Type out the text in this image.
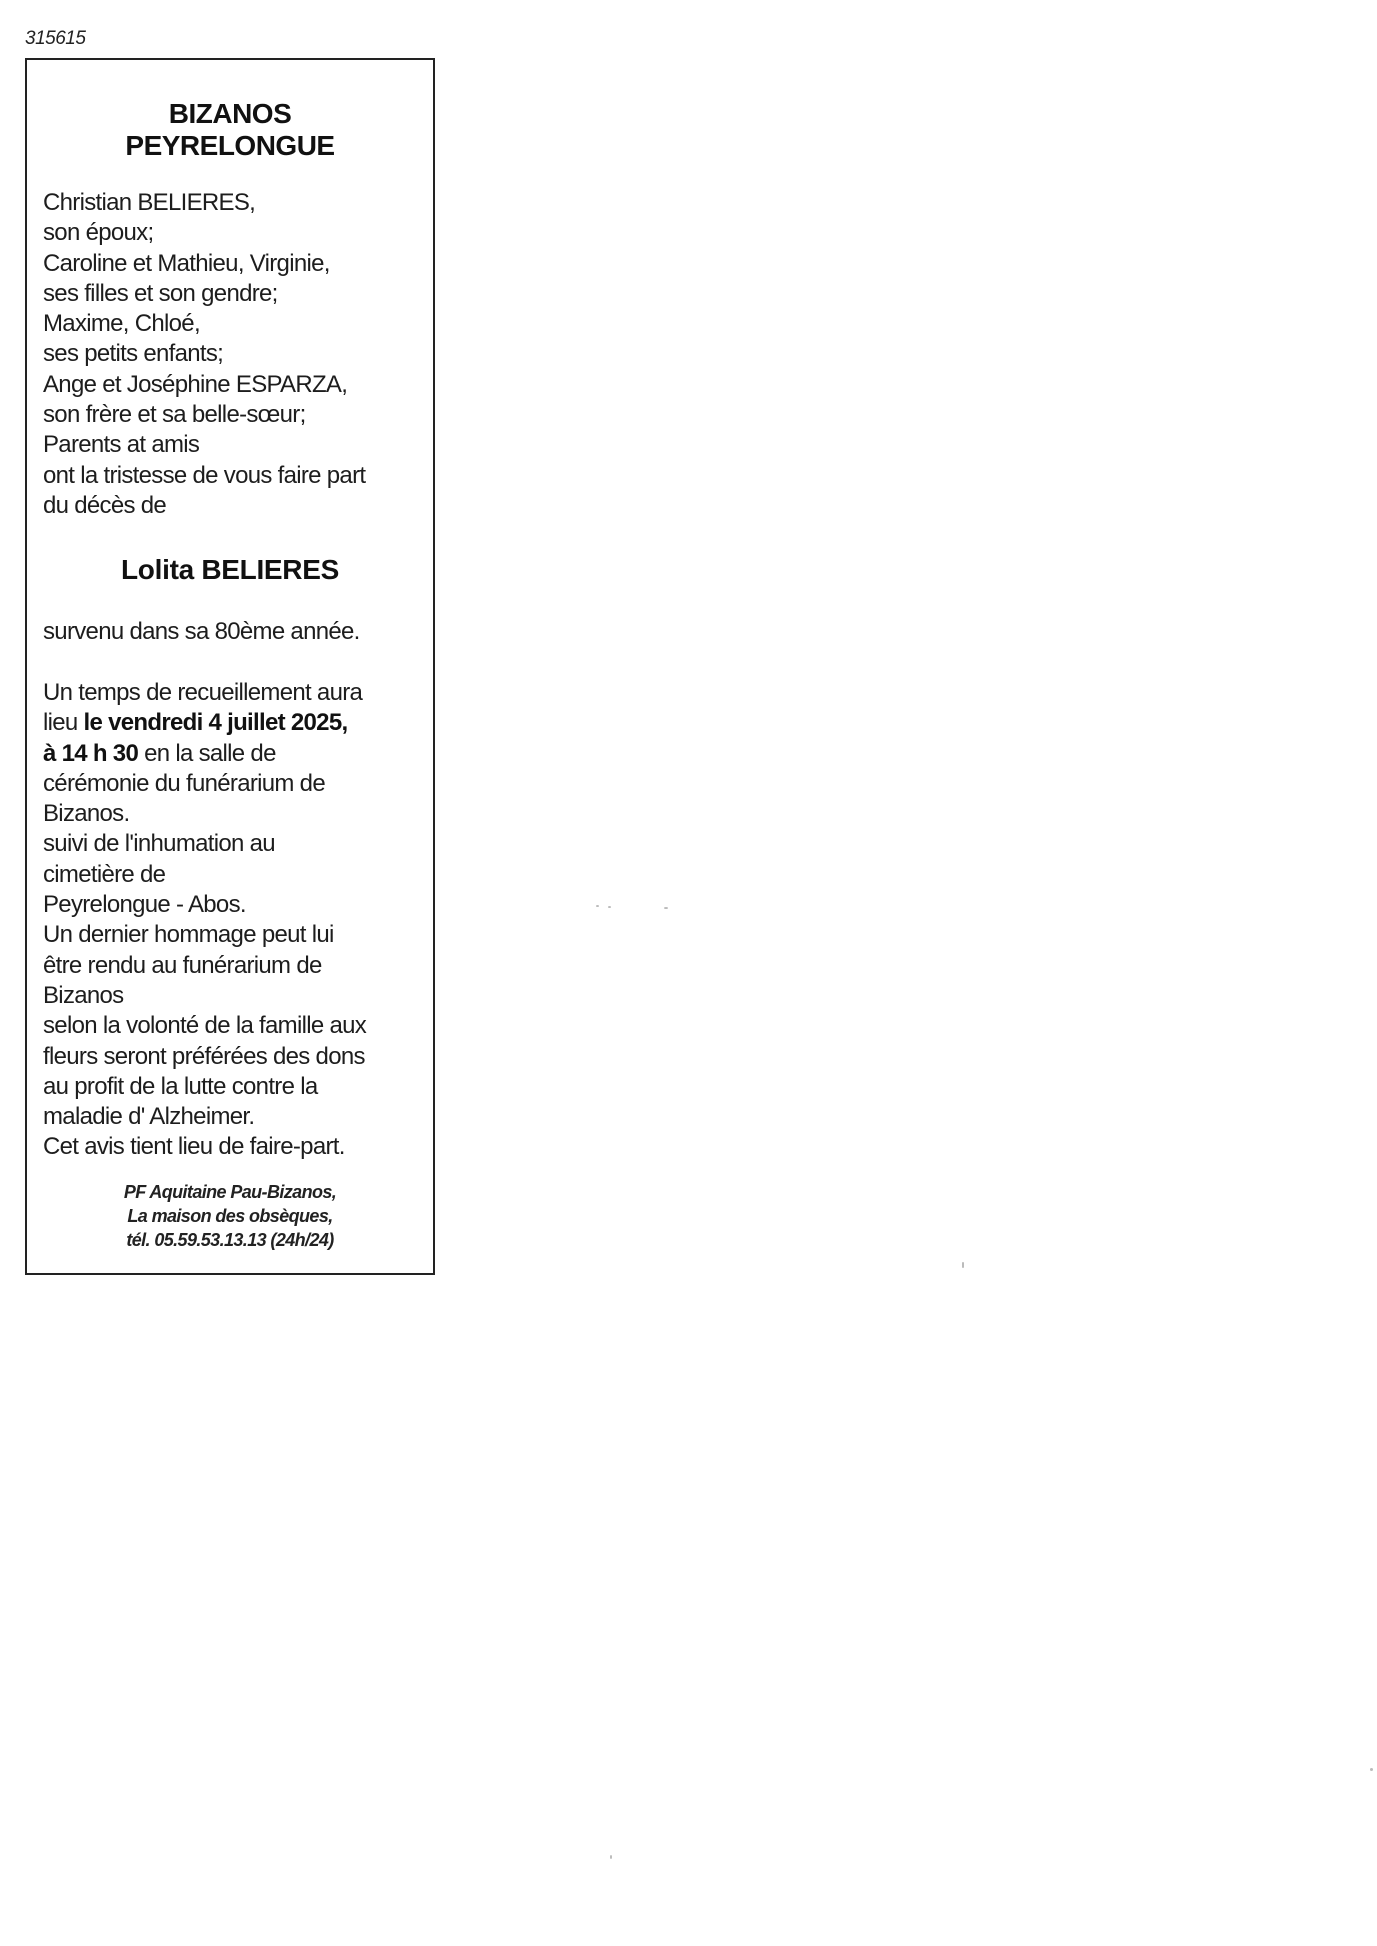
315615
BIZANOS
PEYRELONGUE
Christian BELIERES,
son époux;
Caroline et Mathieu, Virginie,
ses filles et son gendre;
Maxime, Chloé,
ses petits enfants;
Ange et Joséphine ESPARZA,
son frère et sa belle-sœur;
Parents at amis
ont la tristesse de vous faire part
du décès de
Lolita BELIERES
survenu dans sa 80ème année.
Un temps de recueillement aura
lieu le vendredi 4 juillet 2025,
à 14 h 30 en la salle de
cérémonie du funérarium de
Bizanos.
suivi de l'inhumation au
cimetière de
Peyrelongue - Abos.
Un dernier hommage peut lui
être rendu au funérarium de
Bizanos
selon la volonté de la famille aux
fleurs seront préférées des dons
au profit de la lutte contre la
maladie d' Alzheimer.
Cet avis tient lieu de faire-part.
PF Aquitaine Pau-Bizanos,
La maison des obsèques,
tél. 05.59.53.13.13 (24h/24)
